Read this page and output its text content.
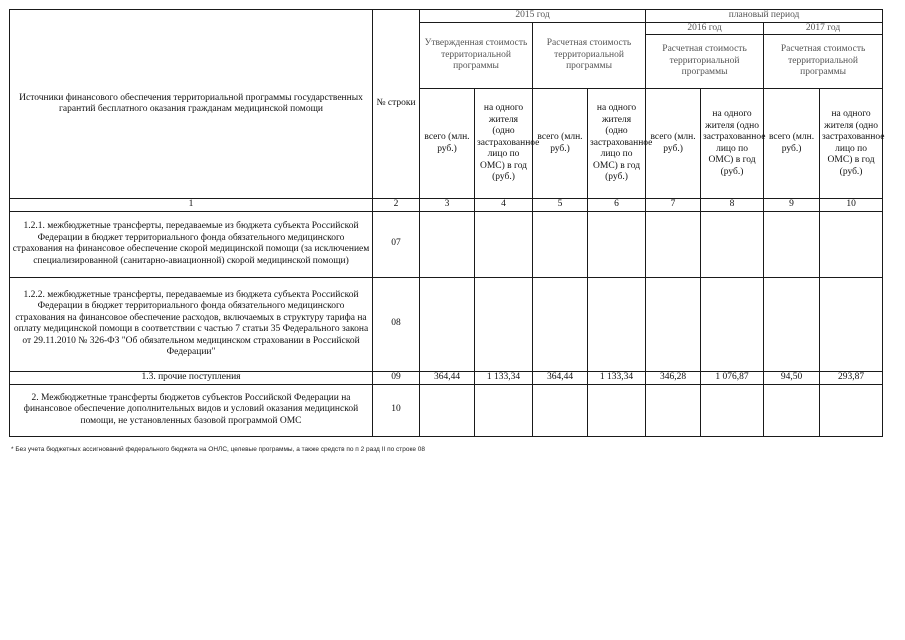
Источники финансового обеспечения территориальной программы государственных гарантий бесплатного оказания гражданам медицинской помощи	№ строки	2015 год				плановый период			
		Утвержденная стоимость территориальной программы		Расчетная стоимость территориальной программы		2016 год		2017 год	
						Расчетная стоимость территориальной программы		Расчетная стоимость территориальной программы	
		всего (млн. руб.)	на одного жителя (одно застрахованное лицо по ОМС) в год (руб.)	всего (млн. руб.)	на одного жителя (одно застрахованное лицо по ОМС) в год (руб.)	всего (млн. руб.)	на одного жителя (одно застрахованное лицо по ОМС) в год (руб.)	всего (млн. руб.)	на одного жителя (одно застрахованное лицо по ОМС) в год (руб.)
1	2	3	4	5	6	7	8	9	10
1.2.1. межбюджетные трансферты, передаваемые из бюджета субъекта Российской Федерации в бюджет территориального фонда обязательного медицинского страхования на финансовое обеспечение скорой медицинской помощи (за исключением специализированной (санитарно-авиационной) скорой медицинской помощи)	07								
1.2.2. межбюджетные трансферты, передаваемые из бюджета субъекта Российской Федерации в бюджет территориального фонда обязательного медицинского страхования на финансовое обеспечение расходов, включаемых в структуру тарифа на оплату медицинской помощи в соответствии с частью 7 статьи 35 Федерального закона от 29.11.2010 № 326-ФЗ "Об обязательном медицинском страховании в Российской Федерации"	08								
1.3. прочие поступления	09	364,44	1 133,34	364,44	1 133,34	346,28	1 076,87	94,50	293,87
2. Межбюджетные трансферты бюджетов субъектов Российской Федерации на финансовое обеспечение дополнительных видов и условий оказания медицинской помощи, не установленных базовой программой ОМС	10								
* Без учета бюджетных ассигнований федерального бюджета на ОНЛС, целевые программы, а также средств по п 2 разд II по строке 08
